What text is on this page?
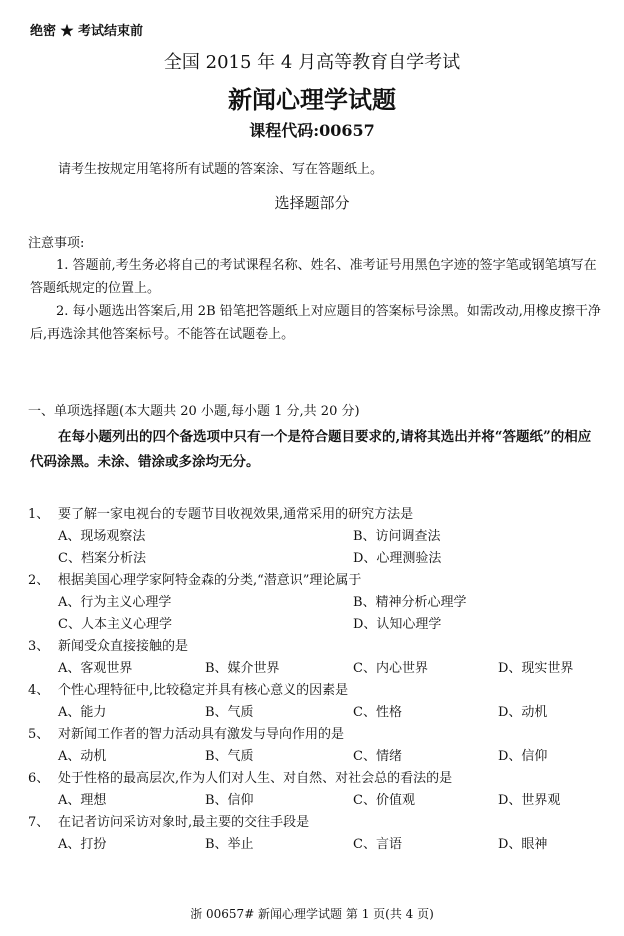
绝密 ★ 考试结束前
全国 2015 年 4 月高等教育自学考试
新闻心理学试题
课程代码:00657
请考生按规定用笔将所有试题的答案涂、写在答题纸上。
选择题部分
注意事项:
1. 答题前,考生务必将自己的考试课程名称、姓名、准考证号用黑色字迹的签字笔或钢笔填写在答题纸规定的位置上。
2. 每小题选出答案后,用 2B 铅笔把答题纸上对应题目的答案标号涂黑。如需改动,用橡皮擦干净后,再选涂其他答案标号。不能答在试题卷上。
一、单项选择题(本大题共 20 小题,每小题 1 分,共 20 分)
在每小题列出的四个备选项中只有一个是符合题目要求的,请将其选出并将“答题纸”的相应代码涂黑。未涂、错涂或多涂均无分。
1、 要了解一家电视台的专题节目收视效果,通常采用的研究方法是
A、现场观察法	B、访问调查法
C、档案分析法	D、心理测验法
2、 根据美国心理学家阿特金森的分类,“潜意识”理论属于
A、行为主义心理学	B、精神分析心理学
C、人本主义心理学	D、认知心理学
3、 新闻受众直接接触的是
A、客观世界	B、媒介世界	C、内心世界	D、现实世界
4、 个性心理特征中,比较稳定并具有核心意义的因素是
A、能力	B、气质	C、性格	D、动机
5、 对新闻工作者的智力活动具有激发与导向作用的是
A、动机	B、气质	C、情绪	D、信仰
6、 处于性格的最高层次,作为人们对人生、对自然、对社会总的看法的是
A、理想	B、信仰	C、价值观	D、世界观
7、 在记者访问采访对象时,最主要的交往手段是
A、打扮	B、举止	C、言语	D、眼神
浙 00657# 新闻心理学试题 第 1 页(共 4 页)
